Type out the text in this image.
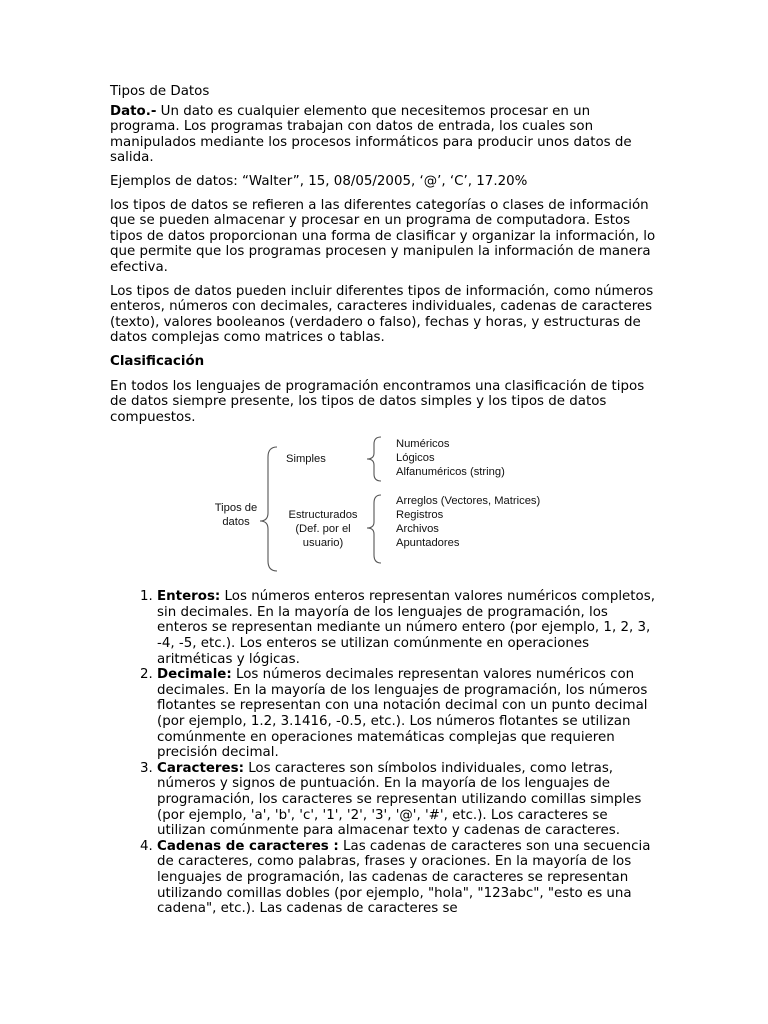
Tipos de Datos

Dato.- Un dato es cualquier elemento que necesitemos procesar en un programa. Los programas trabajan con datos de entrada, los cuales son manipulados mediante los procesos informáticos para producir unos datos de salida.

Ejemplos de datos: “Walter”, 15, 08/05/2005, ‘@’, ‘C’, 17.20%

los tipos de datos se refieren a las diferentes categorías o clases de información que se pueden almacenar y procesar en un programa de computadora. Estos tipos de datos proporcionan una forma de clasificar y organizar la información, lo que permite que los programas procesen y manipulen la información de manera efectiva.

Los tipos de datos pueden incluir diferentes tipos de información, como números enteros, números con decimales, caracteres individuales, cadenas de caracteres (texto), valores booleanos (verdadero o falso), fechas y horas, y estructuras de datos complejas como matrices o tablas.

Clasificación

En todos los lenguajes de programación encontramos una clasificación de tipos de datos siempre presente, los tipos de datos simples y los tipos de datos compuestos.

Tipos de
datos
Simples
Numéricos
Lógicos
Alfanuméricos (string)
Estructurados
(Def. por el
usuario)
Arreglos (Vectores, Matrices)
Registros
Archivos
Apuntadores
1. Enteros: Los números enteros representan valores numéricos completos, sin decimales. En la mayoría de los lenguajes de programación, los enteros se representan mediante un número entero (por ejemplo, 1, 2, 3, -4, -5, etc.). Los enteros se utilizan comúnmente en operaciones aritméticas y lógicas.
2. Decimale: Los números decimales representan valores numéricos con decimales. En la mayoría de los lenguajes de programación, los números flotantes se representan con una notación decimal con un punto decimal (por ejemplo, 1.2, 3.1416, -0.5, etc.). Los números flotantes se utilizan comúnmente en operaciones matemáticas complejas que requieren precisión decimal.
3. Caracteres: Los caracteres son símbolos individuales, como letras, números y signos de puntuación. En la mayoría de los lenguajes de programación, los caracteres se representan utilizando comillas simples (por ejemplo, 'a', 'b', 'c', '1', '2', '3', '@', '#', etc.). Los caracteres se utilizan comúnmente para almacenar texto y cadenas de caracteres.
4. Cadenas de caracteres : Las cadenas de caracteres son una secuencia de caracteres, como palabras, frases y oraciones. En la mayoría de los lenguajes de programación, las cadenas de caracteres se representan utilizando comillas dobles (por ejemplo, "hola", "123abc", "esto es una cadena", etc.). Las cadenas de caracteres se
